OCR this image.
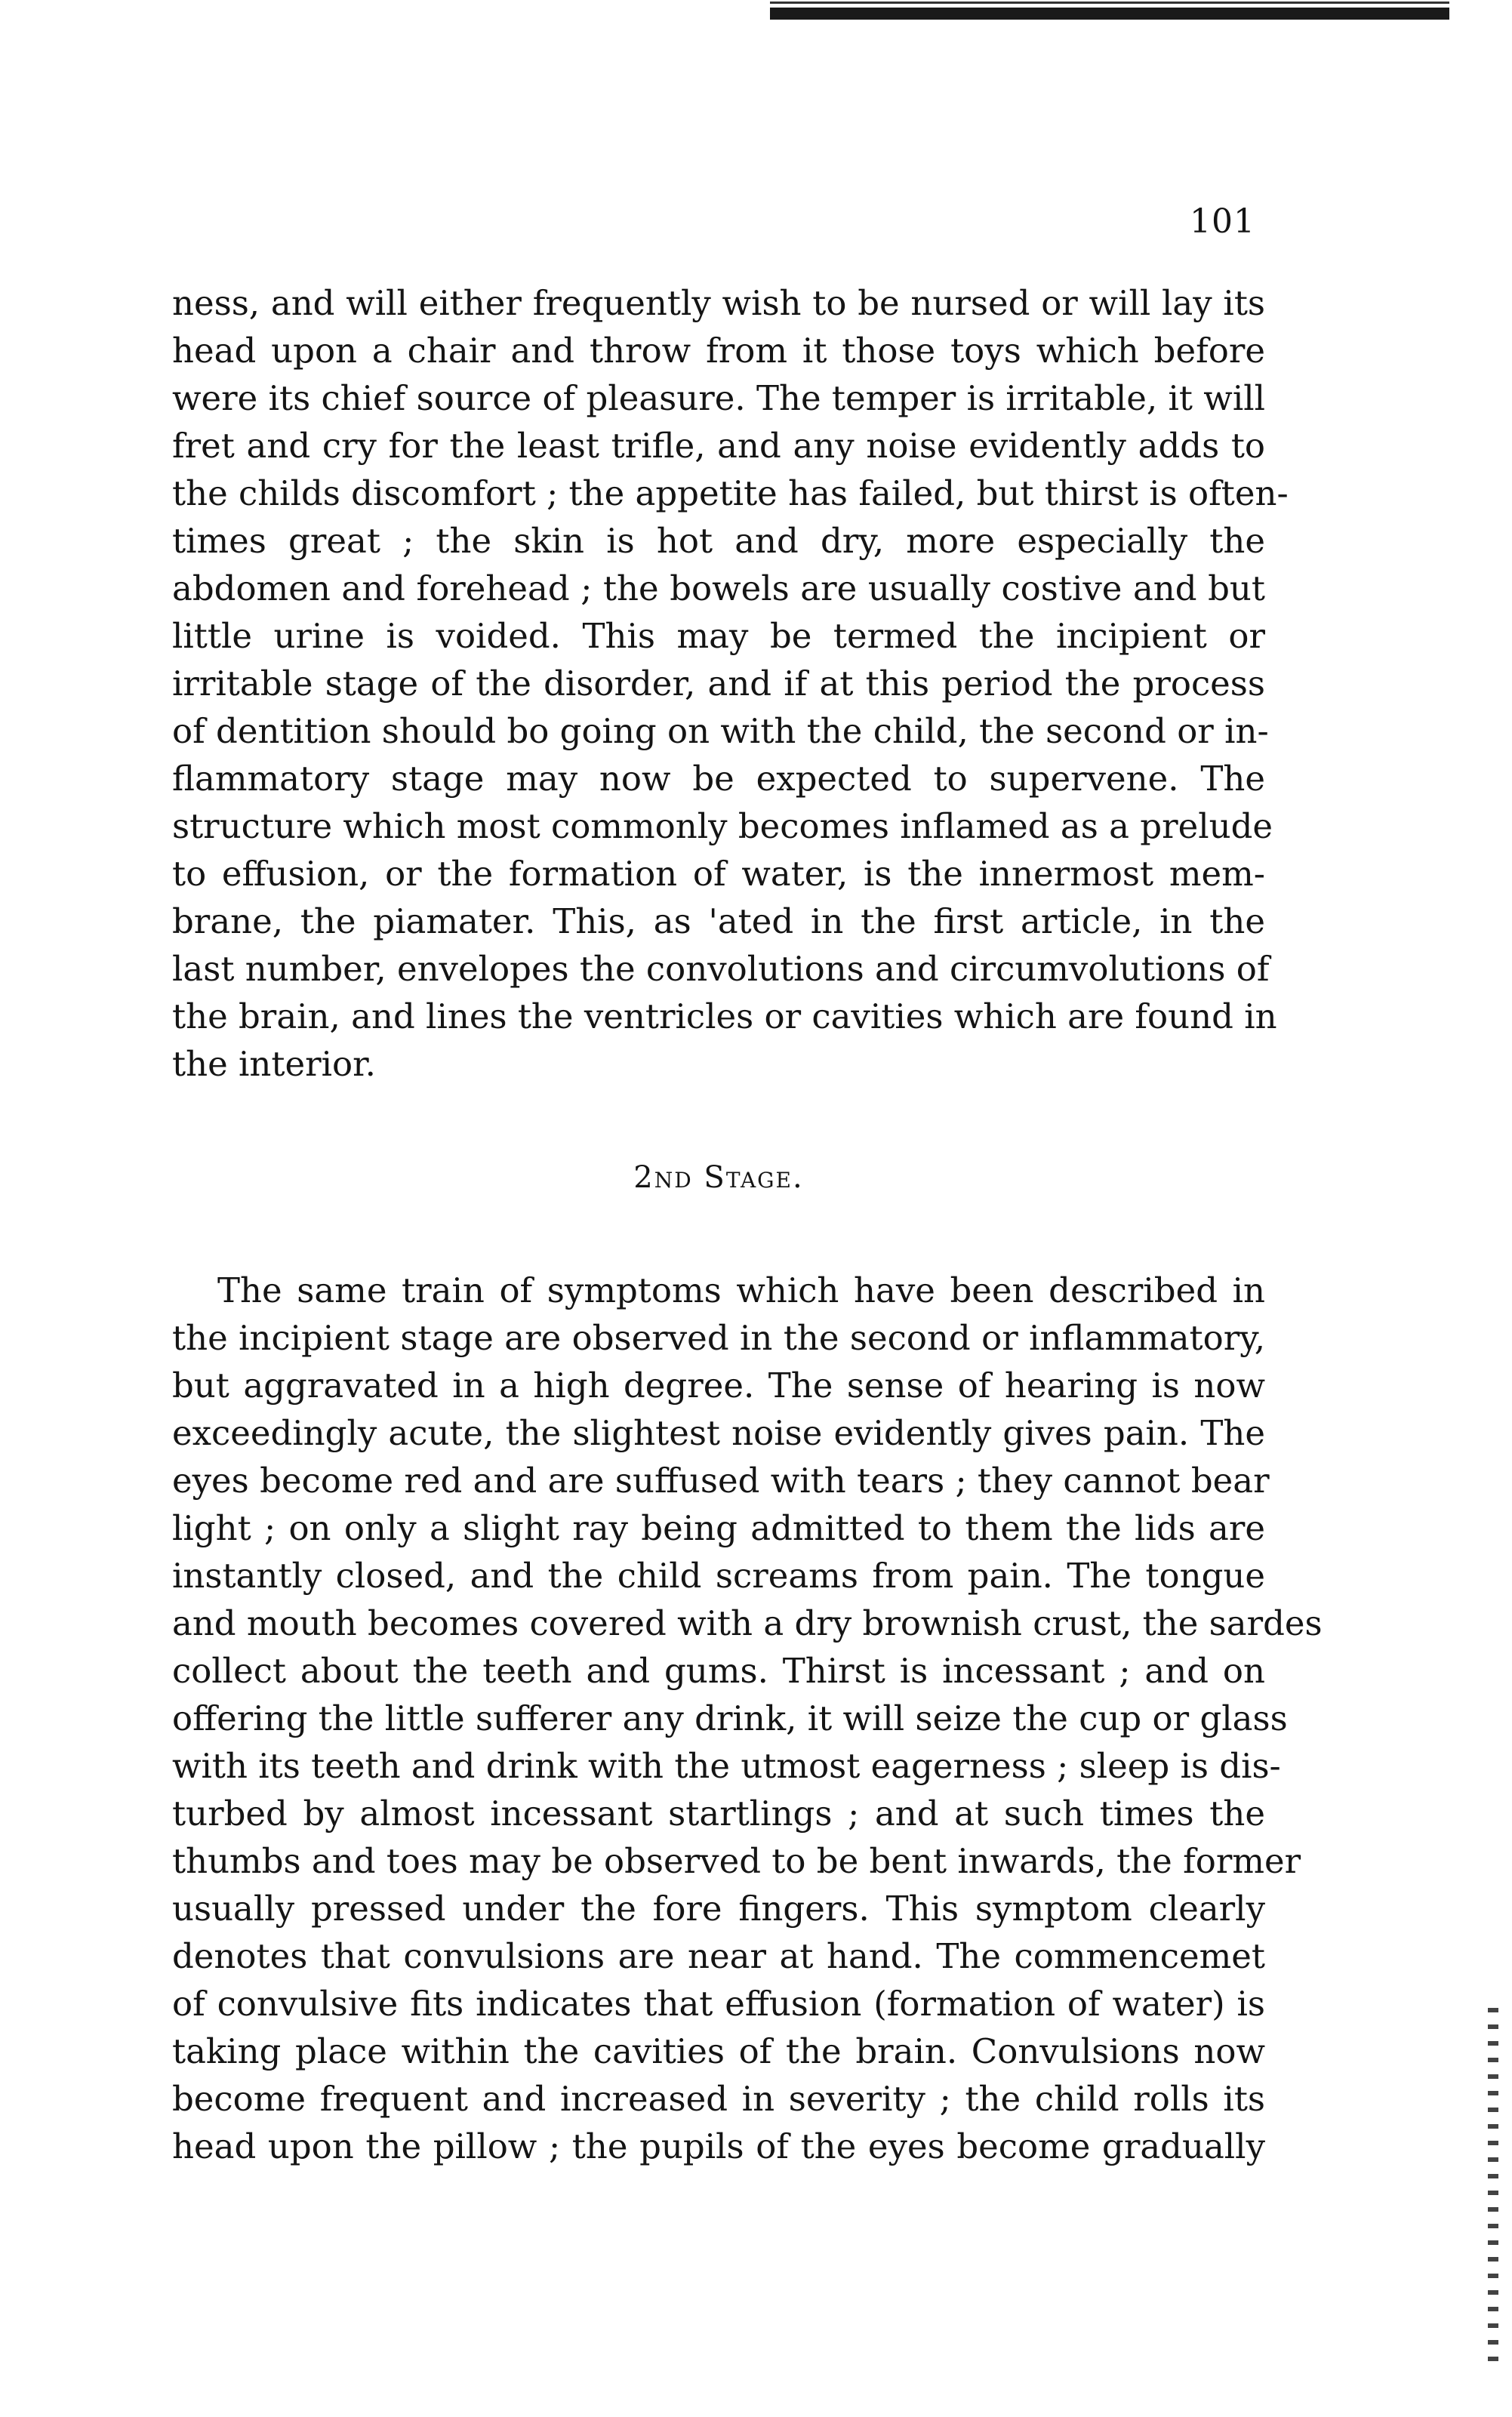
101
ness, and will either frequently wish to be nursed or will lay its
head upon a chair and throw from it those toys which before
were its chief source of pleasure. The temper is irritable, it will
fret and cry for the least trifle, and any noise evidently adds to
the childs discomfort ; the appetite has failed, but thirst is often-
times great ; the skin is hot and dry, more especially the
abdomen and forehead ; the bowels are usually costive and but
little urine is voided. This may be termed the incipient or
irritable stage of the disorder, and if at this period the process
of dentition should bo going on with the child, the second or in-
flammatory stage may now be expected to supervene. The
structure which most commonly becomes inflamed as a prelude
to effusion, or the formation of water, is the innermost mem-
brane, the piamater. This, as 'ated in the first article, in the
last number, envelopes the convolutions and circumvolutions of
the brain, and lines the ventricles or cavities which are found in
the interior.
2nd Stage.
The same train of symptoms which have been described in
the incipient stage are observed in the second or inflammatory,
but aggravated in a high degree. The sense of hearing is now
exceedingly acute, the slightest noise evidently gives pain. The
eyes become red and are suffused with tears ; they cannot bear
light ; on only a slight ray being admitted to them the lids are
instantly closed, and the child screams from pain. The tongue
and mouth becomes covered with a dry brownish crust, the sardes
collect about the teeth and gums. Thirst is incessant ; and on
offering the little sufferer any drink, it will seize the cup or glass
with its teeth and drink with the utmost eagerness ; sleep is dis-
turbed by almost incessant startlings ; and at such times the
thumbs and toes may be observed to be bent inwards, the former
usually pressed under the fore fingers. This symptom clearly
denotes that convulsions are near at hand. The commencemet
of convulsive fits indicates that effusion (formation of water) is
taking place within the cavities of the brain. Convulsions now
become frequent and increased in severity ; the child rolls its
head upon the pillow ; the pupils of the eyes become gradually
